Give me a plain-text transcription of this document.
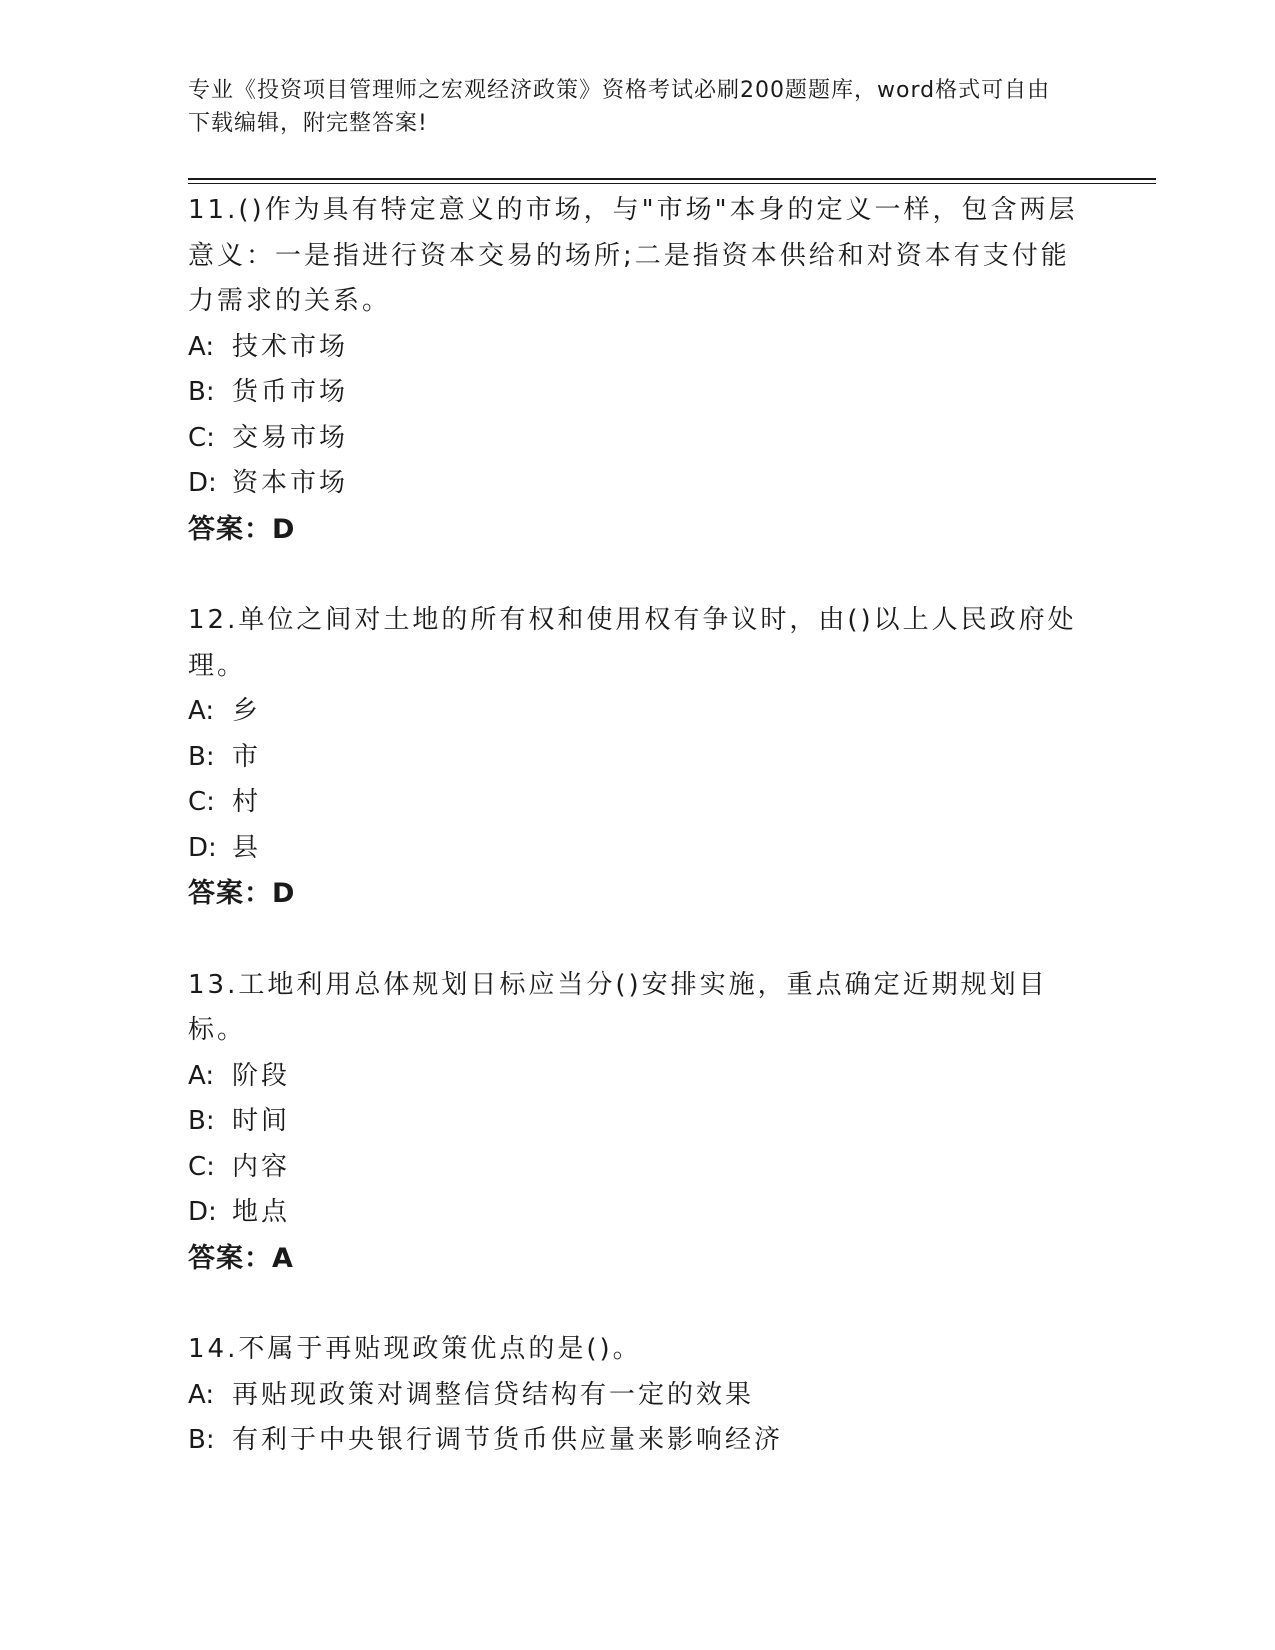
专业《投资项目管理师之宏观经济政策》资格考试必刷200题题库，word格式可自由下载编辑，附完整答案!

11.()作为具有特定意义的市场，与"市场"本身的定义一样，包含两层意义：一是指进行资本交易的场所;二是指资本供给和对资本有支付能力需求的关系。

A: 技术市场

B: 货币市场

C: 交易市场

D: 资本市场

答案：D

12.单位之间对土地的所有权和使用权有争议时，由()以上人民政府处理。

A: 乡

B: 市

C: 村

D: 县

答案：D

13.工地利用总体规划日标应当分()安排实施，重点确定近期规划目标。

A: 阶段

B: 时间

C: 内容

D: 地点

答案：A

14.不属于再贴现政策优点的是()。

A: 再贴现政策对调整信贷结构有一定的效果

B: 有利于中央银行调节货币供应量来影响经济
